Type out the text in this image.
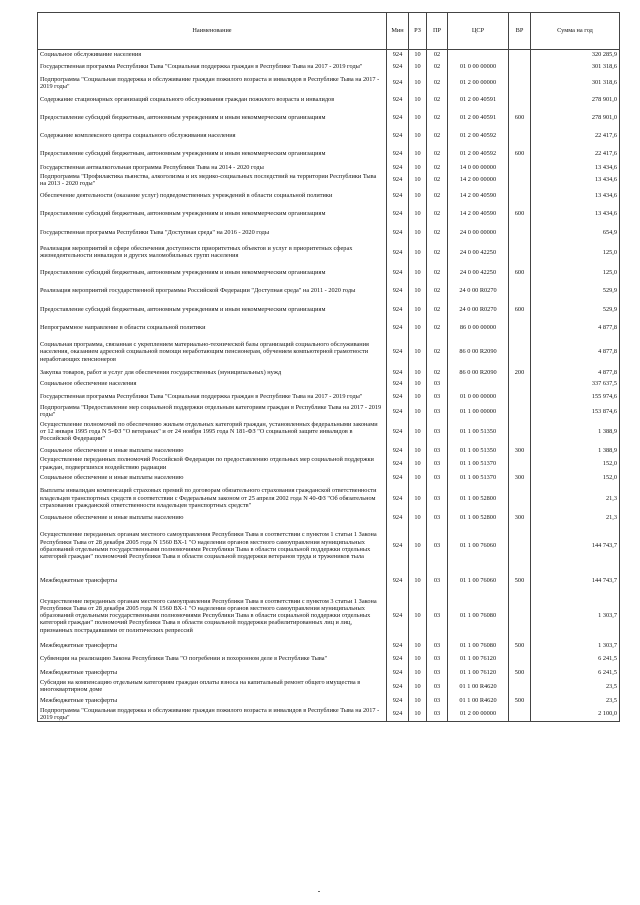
Наименование	Мин	РЗ	ПР	ЦСР	ВР	Сумма на год
Социальное обслуживание населения	924	10	02			320 285,9
Государственная программа Республики Тыва "Социальная поддержка граждан в Республике Тыва на 2017 - 2019 годы"	924	10	02	01 0 00 00000		301 318,6
Подпрограмма "Социальная поддержка и обслуживание граждан пожилого возраста и инвалидов в Республике Тыва на 2017 - 2019 годы"	924	10	02	01 2 00 00000		301 318,6
Содержание стационарных организаций социального обслуживания граждан пожилого возраста и инвалидов	924	10	02	01 2 00 40591		278 901,0
Предоставление субсидий бюджетным, автономным учреждениям и иным некоммерческим организациям	924	10	02	01 2 00 40591	600	278 901,0
Содержание комплексного центра социального обслуживания населения	924	10	02	01 2 00 40592		22 417,6
Предоставление субсидий бюджетным, автономным учреждениям и иным некоммерческим организациям	924	10	02	01 2 00 40592	600	22 417,6
Государственная антиалкогольная программа Республики Тыва на 2014 - 2020 годы	924	10	02	14 0 00 00000		13 434,6
Подпрограмма "Профилактика пьянства, алкоголизма и их медико-социальных последствий на территории Республики Тыва на 2013 - 2020 годы"	924	10	02	14 2 00 00000		13 434,6
Обеспечение деятельности (оказание услуг) подведомственных учреждений в области социальной политики	924	10	02	14 2 00 40590		13 434,6
Предоставление субсидий бюджетным, автономным учреждениям и иным некоммерческим организациям	924	10	02	14 2 00 40590	600	13 434,6
Государственная программа Республики Тыва "Доступная среда" на 2016 - 2020 годы	924	10	02	24 0 00 00000		654,9
Реализация мероприятий в сфере обеспечения доступности приоритетных объектов и услуг в приоритетных сферах жизнедеятельности инвалидов и других маломобильных групп населения	924	10	02	24 0 00 42250		125,0
Предоставление субсидий бюджетным, автономным учреждениям и иным некоммерческим организациям	924	10	02	24 0 00 42250	600	125,0
Реализация мероприятий государственной программы Российской Федерации "Доступная среда" на 2011 - 2020 годы	924	10	02	24 0 00 R0270		529,9
Предоставление субсидий бюджетным, автономным учреждениям и иным некоммерческим организациям	924	10	02	24 0 00 R0270	600	529,9
Непрограммное направление в области социальной политики	924	10	02	86 0 00 00000		4 877,8
Социальная программа, связанная с укреплением материально-технической базы организаций социального обслуживания населения, оказанием адресной социальной помощи неработающим пенсионерам, обучением компьютерной грамотности неработающих пенсионеров	924	10	02	86 0 00 R2090		4 877,8
Закупка товаров, работ и услуг для обеспечения государственных (муниципальных) нужд	924	10	02	86 0 00 R2090	200	4 877,8
Социальное обеспечение населения	924	10	03			337 637,5
Государственная программа Республики Тыва "Социальная поддержка граждан в Республике Тыва на 2017 - 2019 годы"	924	10	03	01 0 00 00000		155 974,6
Подпрограмма "Предоставление мер социальной поддержки отдельным категориям граждан в Республике Тыва на 2017 - 2019 годы"	924	10	03	01 1 00 00000		153 874,6
Осуществление полномочий по обеспечению жильем отдельных категорий граждан, установленных федеральными законами от 12 января 1995 года N 5-ФЗ "О ветеранах" и от 24 ноября 1995 года N 181-ФЗ "О социальной защите инвалидов в Российской Федерации"	924	10	03	01 1 00 51350		1 388,9
Социальное обеспечение и иные выплаты населению	924	10	03	01 1 00 51350	300	1 388,9
Осуществление переданных полномочий Российской Федерации по предоставлению отдельных мер социальной поддержки граждан, подвергшихся воздействию радиации	924	10	03	01 1 00 51370		152,0
Социальное обеспечение и иные выплаты населению	924	10	03	01 1 00 51370	300	152,0
Выплаты инвалидам компенсаций страховых премий по договорам обязательного страхования гражданской ответственности владельцев транспортных средств в соответствии с Федеральным законом от 25 апреля 2002 года N 40-ФЗ "Об обязательном страховании гражданской ответственности владельцев транспортных средств"	924	10	03	01 1 00 52800		21,3
Социальное обеспечение и иные выплаты населению	924	10	03	01 1 00 52800	300	21,3
Осуществление переданных органам местного самоуправления Республики Тыва в соответствии с пунктом 1 статьи 1 Закона Республики Тыва от 28 декабря 2005 года N 1560 ВХ-1 "О наделении органов местного самоуправления муниципальных образований отдельными государственными полномочиями Республики Тыва в области социальной поддержки отдельных категорий граждан" полномочий Республики Тыва в области социальной поддержки ветеранов труда и тружеников тыла	924	10	03	01 1 00 76060		144 743,7
Межбюджетные трансферты	924	10	03	01 1 00 76060	500	144 743,7
Осуществление переданных органам местного самоуправления Республики Тыва в соответствии с пунктом 3 статьи 1 Закона Республики Тыва от 28 декабря 2005 года N 1560 ВХ-1 "О наделении органов местного самоуправления муниципальных образований отдельными государственными полномочиями Республики Тыва в области социальной поддержки отдельных категорий граждан" полномочий Республики Тыва в области социальной поддержки реабилитированных лиц и лиц, признанных пострадавшими от политических репрессий	924	10	03	01 1 00 76080		1 303,7
Межбюджетные трансферты	924	10	03	01 1 00 76080	500	1 303,7
Субвенции на реализацию Закона Республики Тыва "О погребении и похоронном деле в Республике Тыва"	924	10	03	01 1 00 76120		6 241,5
Межбюджетные трансферты	924	10	03	01 1 00 76120	500	6 241,5
Субсидия на компенсацию отдельным категориям граждан оплаты взноса на капитальный ремонт общего имущества в многоквартирном доме	924	10	03	01 1 00 R4620		23,5
Межбюджетные трансферты	924	10	03	01 1 00 R4620	500	23,5
Подпрограмма "Социальная поддержка и обслуживание граждан пожилого возраста и инвалидов в Республике Тыва на 2017 - 2019 годы"	924	10	03	01 2 00 00000		2 100,0
